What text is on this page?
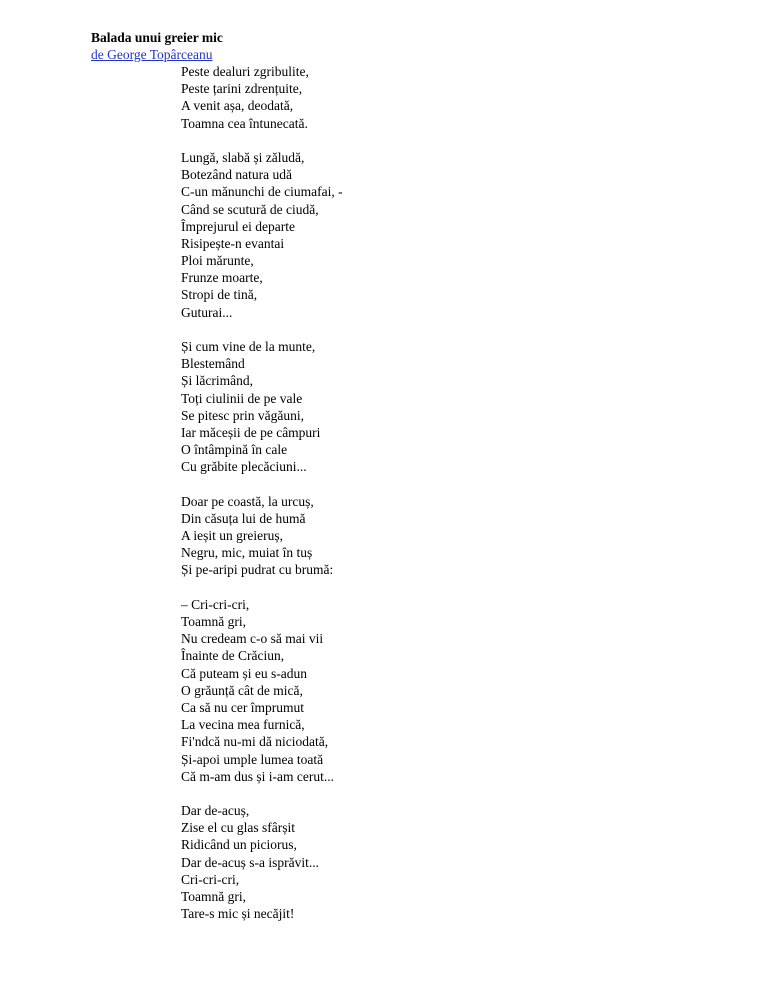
Balada unui greier mic
de George Topârceanu
Peste dealuri zgribulite,
Peste țarini zdrențuite,
A venit așa, deodată,
Toamna cea întunecată.
Lungă, slabă și zăludă,
Botezând natura udă
C-un mănunchi de ciumafai, -
Când se scutură de ciudă,
Împrejurul ei departe
Risipește-n evantai
Ploi mărunte,
Frunze moarte,
Stropi de tină,
Guturai...
Și cum vine de la munte,
Blestemând
Și lăcrimând,
Toți ciulinii de pe vale
Se pitesc prin văgăuni,
Iar măceșii de pe câmpuri
O întâmpină în cale
Cu grăbite plecăciuni...
Doar pe coastă, la urcuș,
Din căsuța lui de humă
A ieșit un greieruș,
Negru, mic, muiat în tuș
Și pe-aripi pudrat cu brumă:
– Cri-cri-cri,
Toamnă gri,
Nu credeam c-o să mai vii
Înainte de Crăciun,
Că puteam și eu s-adun
O grăunță cât de mică,
Ca să nu cer împrumut
La vecina mea furnică,
Fi'ndcă nu-mi dă niciodată,
Și-apoi umple lumea toată
Că m-am dus și i-am cerut...
Dar de-acuș,
Zise el cu glas sfârșit
Ridicând un piciorus,
Dar de-acuș s-a isprăvit...
Cri-cri-cri,
Toamnă gri,
Tare-s mic și necăjit!
